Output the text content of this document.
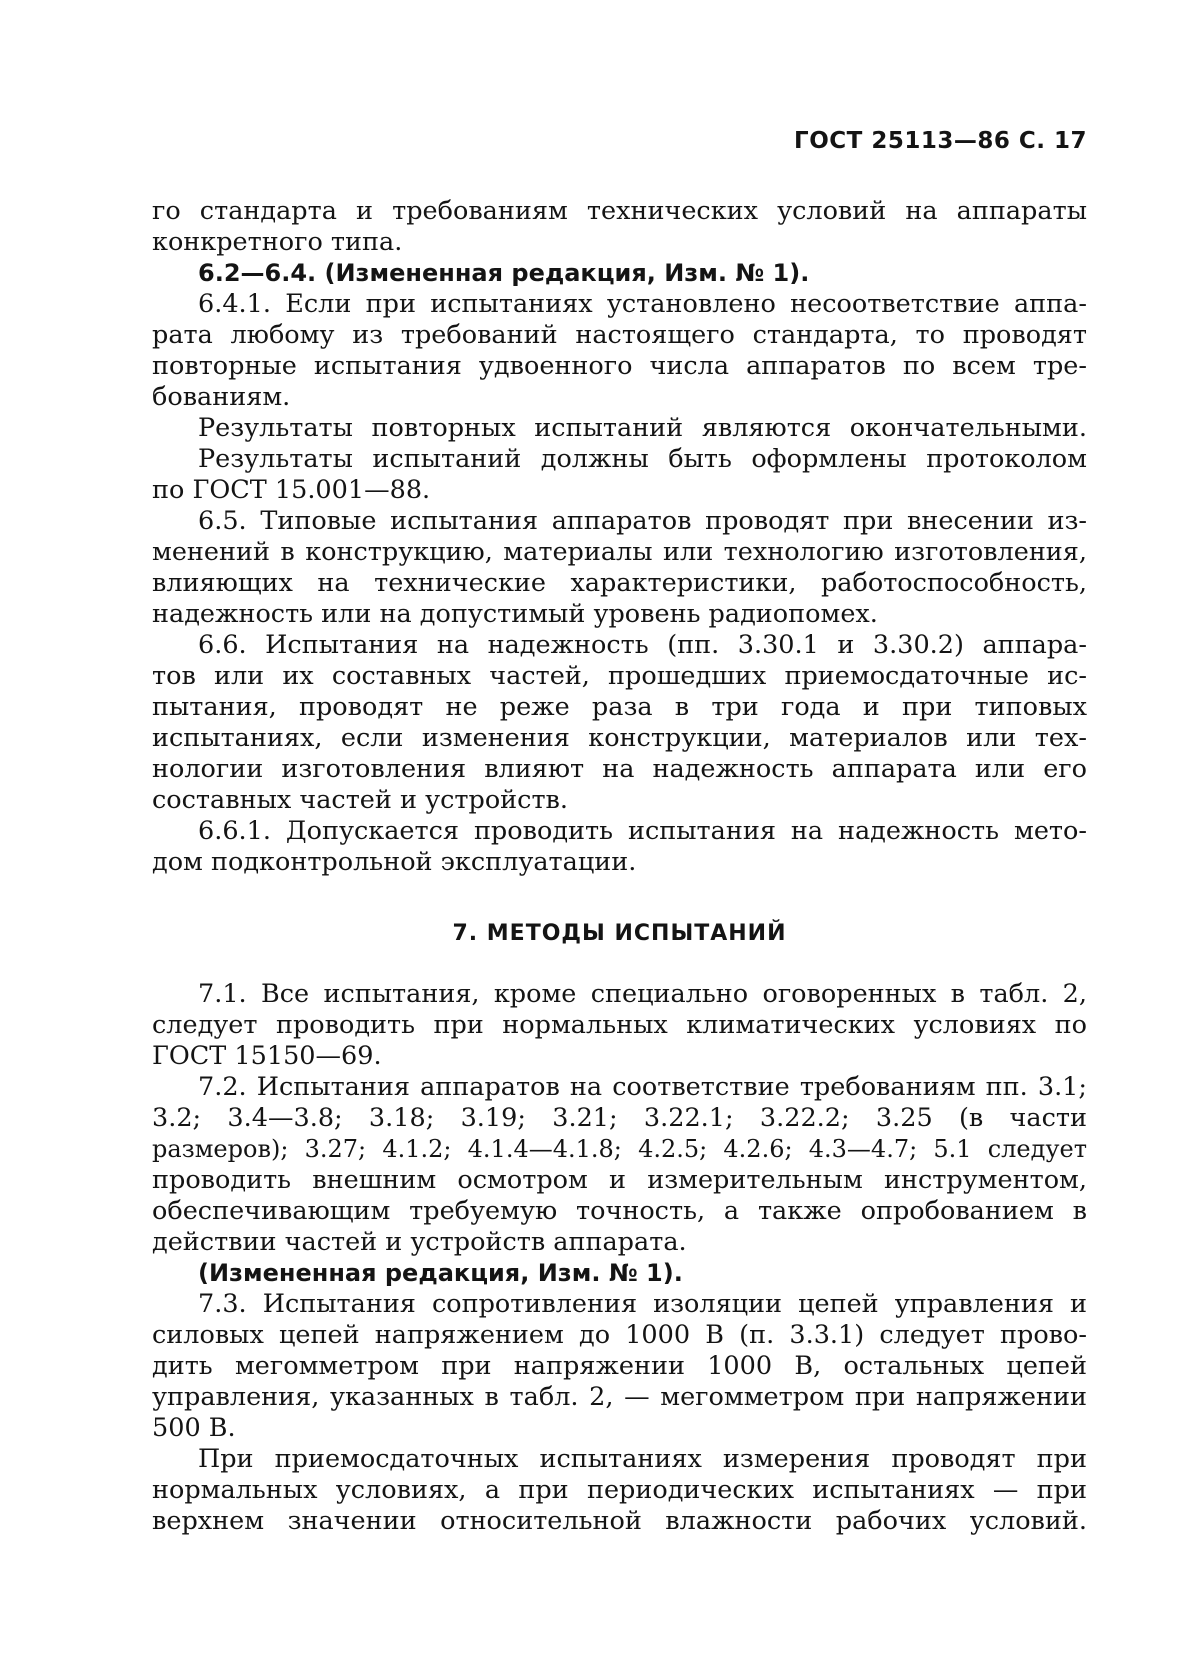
ГОСТ 25113—86 С. 17
го стандарта и требованиям технических условий на аппараты
конкретного типа.
6.2—6.4. (Измененная редакция, Изм. № 1).
6.4.1. Если при испытаниях установлено несоответствие аппа-
рата любому из требований настоящего стандарта, то проводят
повторные испытания удвоенного числа аппаратов по всем тре-
бованиям.
Результаты повторных испытаний являются окончательными.
Результаты испытаний должны быть оформлены протоколом
по ГОСТ 15.001—88.
6.5. Типовые испытания аппаратов проводят при внесении из-
менений в конструкцию, материалы или технологию изготовления,
влияющих на технические характеристики, работоспособность,
надежность или на допустимый уровень радиопомех.
6.6. Испытания на надежность (пп. 3.30.1 и 3.30.2) аппара-
тов или их составных частей, прошедших приемосдаточные ис-
пытания, проводят не реже раза в три года и при типовых
испытаниях, если изменения конструкции, материалов или тех-
нологии изготовления влияют на надежность аппарата или его
составных частей и устройств.
6.6.1. Допускается проводить испытания на надежность мето-
дом подконтрольной эксплуатации.
7. МЕТОДЫ ИСПЫТАНИЙ
7.1. Все испытания, кроме специально оговоренных в табл. 2,
следует проводить при нормальных климатических условиях по
ГОСТ 15150—69.
7.2. Испытания аппаратов на соответствие требованиям пп. 3.1;
3.2; 3.4—3.8; 3.18; 3.19; 3.21; 3.22.1; 3.22.2; 3.25 (в части
размеров); 3.27; 4.1.2; 4.1.4—4.1.8; 4.2.5; 4.2.6; 4.3—4.7; 5.1 следует
проводить внешним осмотром и измерительным инструментом,
обеспечивающим требуемую точность, а также опробованием в
действии частей и устройств аппарата.
(Измененная редакция, Изм. № 1).
7.3. Испытания сопротивления изоляции цепей управления и
силовых цепей напряжением до 1000 В (п. 3.3.1) следует прово-
дить мегомметром при напряжении 1000 В, остальных цепей
управления, указанных в табл. 2, — мегомметром при напряжении
500 В.
При приемосдаточных испытаниях измерения проводят при
нормальных условиях, а при периодических испытаниях — при
верхнем значении относительной влажности рабочих условий.
